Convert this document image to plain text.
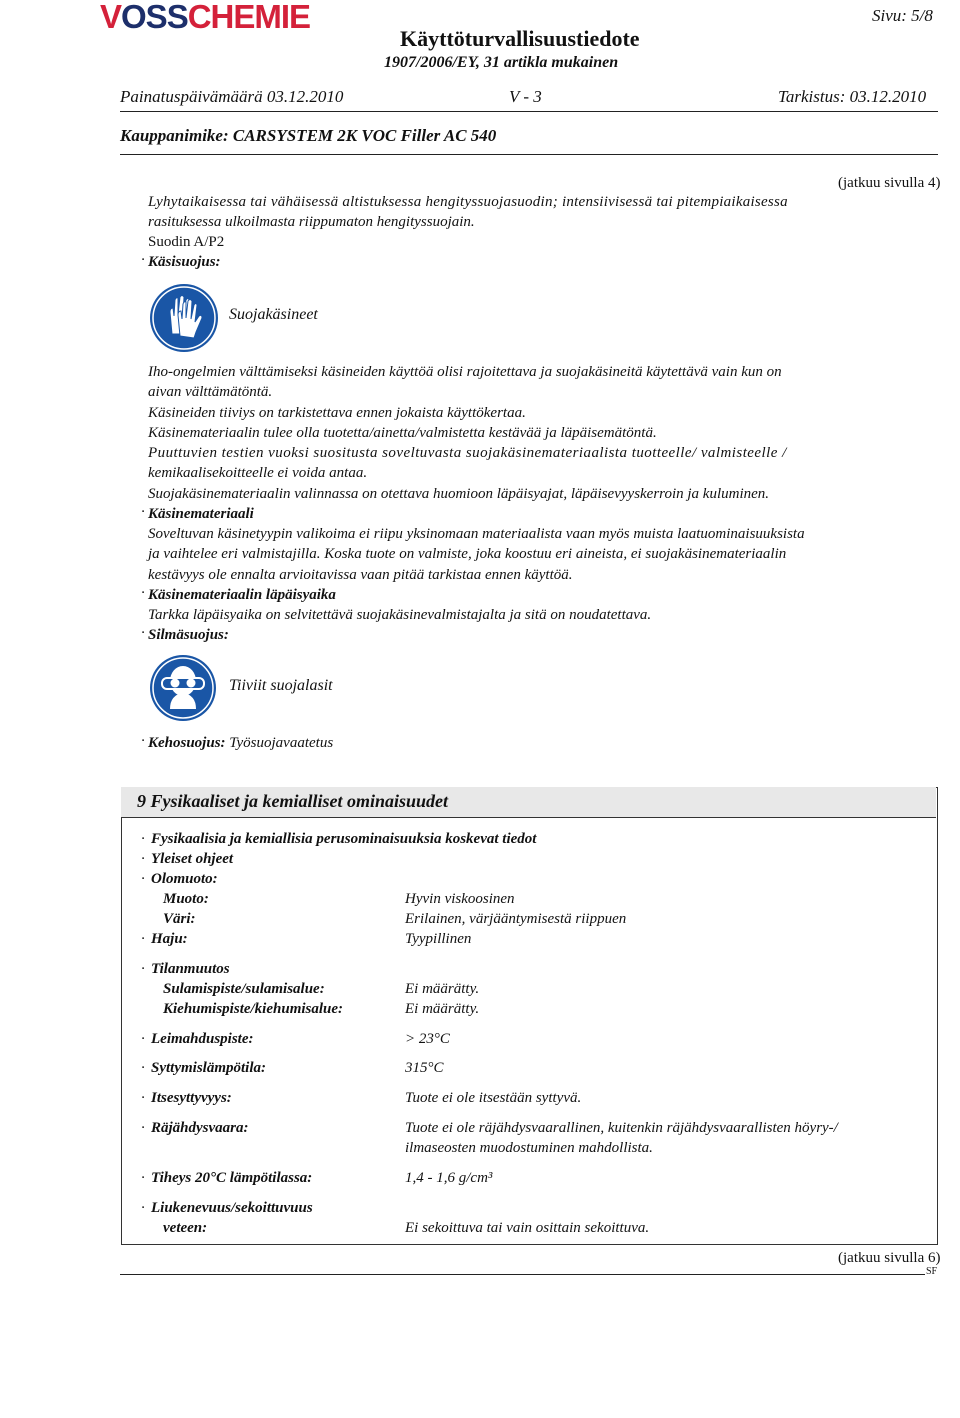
VOSSCHEMIE
Käyttöturvallisuustiedote
1907/2006/EY, 31 artikla mukainen
Sivu: 5/8
Painatuspäivämäärä 03.12.2010	V - 3	Tarkistus: 03.12.2010
Kauppanimike: CARSYSTEM 2K VOC Filler AC 540
(jatkuu sivulla 4)
Lyhytaikaisessa tai vähäisessä altistuksessa hengityssuojasuodin; intensiivisessä tai pitempiaikaisessa
rasituksessa ulkoilmasta riippumaton hengityssuojain.
Suodin A/P2
· Käsisuojus:
Suojakäsineet
Iho-ongelmien välttämiseksi käsineiden käyttöä olisi rajoitettava ja suojakäsineitä käytettävä vain kun on
aivan välttämätöntä.
Käsineiden tiiviys on tarkistettava ennen jokaista käyttökertaa.
Käsinemateriaalin tulee olla tuotetta/ainetta/valmistetta kestävää ja läpäisemätöntä.
Puuttuvien testien vuoksi suositusta soveltuvasta suojakäsinemateriaalista tuotteelle/ valmisteelle /
kemikaalisekoitteelle ei voida antaa.
Suojakäsinemateriaalin valinnassa on otettava huomioon läpäisyajat, läpäisevyyskerroin ja kuluminen.
· Käsinemateriaali
Soveltuvan käsinetyypin valikoima ei riipu yksinomaan materiaalista vaan myös muista laatuominaisuuksista
ja vaihtelee eri valmistajilla. Koska tuote on valmiste, joka koostuu eri aineista, ei suojakäsinemateriaalin
kestävyys ole ennalta arvioitavissa vaan pitää tarkistaa ennen käyttöä.
· Käsinemateriaalin läpäisyaika
Tarkka läpäisyaika on selvitettävä suojakäsinevalmistajalta ja sitä on noudatettava.
· Silmäsuojus:
Tiiviit suojalasit
· Kehosuojus: Työsuojavaatetus
9 Fysikaaliset ja kemialliset ominaisuudet
· Fysikaalisia ja kemiallisia perusominaisuuksia koskevat tiedot
· Yleiset ohjeet
· Olomuoto:
Muoto:	Hyvin viskoosinen
Väri:	Erilainen, värjääntymisestä riippuen
· Haju:	Tyypillinen
· Tilanmuutos
Sulamispiste/sulamisalue:	Ei määrätty.
Kiehumispiste/kiehumisalue:	Ei määrätty.
· Leimahduspiste:	> 23°C
· Syttymislämpötila:	315°C
· Itsesyttyvyys:	Tuote ei ole itsestään syttyvä.
· Räjähdysvaara:	Tuote ei ole räjähdysvaarallinen, kuitenkin räjähdysvaarallisten höyry-/
ilmaseosten muodostuminen mahdollista.
· Tiheys 20°C lämpötilassa:	1,4 - 1,6 g/cm³
· Liukenevuus/sekoittuvuus
veteen:	Ei sekoittuva tai vain osittain sekoittuva.
(jatkuu sivulla 6)
SF
